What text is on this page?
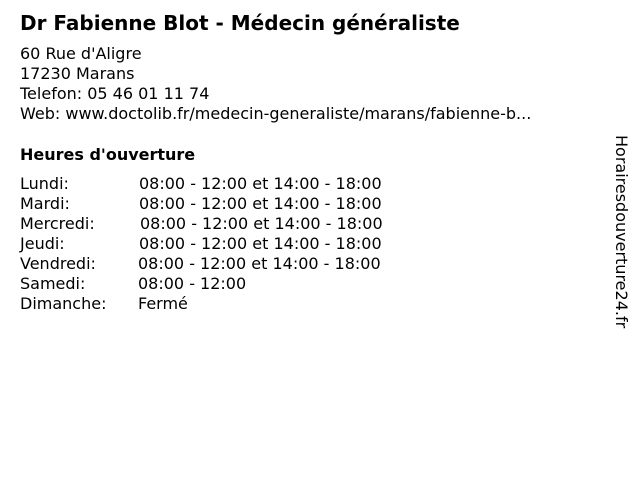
Dr Fabienne Blot - Médecin généraliste
60 Rue d'Aligre
17230 Marans
Telefon: 05 46 01 11 74
Web: www.doctolib.fr/medecin-generaliste/marans/fabienne-b...
Heures d'ouverture
Lundi:	08:00 - 12:00 et 14:00 - 18:00
Mardi:	08:00 - 12:00 et 14:00 - 18:00
Mercredi:	08:00 - 12:00 et 14:00 - 18:00
Jeudi:	08:00 - 12:00 et 14:00 - 18:00
Vendredi:	08:00 - 12:00 et 14:00 - 18:00
Samedi:	08:00 - 12:00
Dimanche: Fermé	Horairesdouverture24.fr
